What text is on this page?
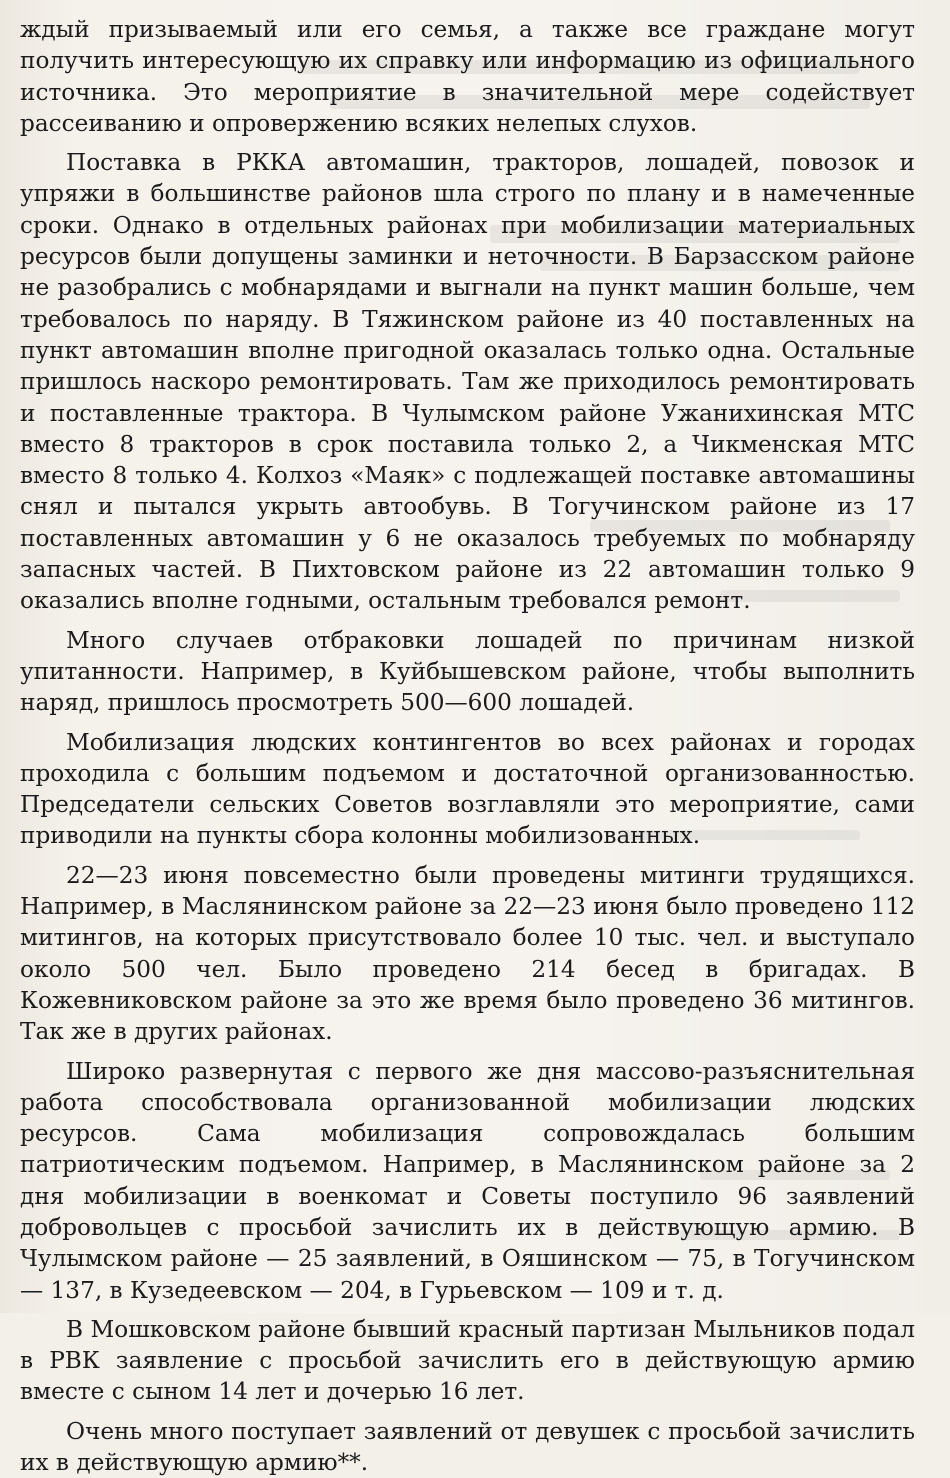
ждый призываемый или его семья, а также все граждане могут получить интересующую их справку или информацию из официального источника. Это мероприятие в значительной мере содействует рассеиванию и опровержению всяких нелепых слухов.

Поставка в РККА автомашин, тракторов, лошадей, повозок и упряжи в большинстве районов шла строго по плану и в намеченные сроки. Однако в отдельных районах при мобилизации материальных ресурсов были допущены заминки и неточности. В Барзасском районе не разобрались с мобнарядами и выгнали на пункт машин больше, чем требовалось по наряду. В Тяжинском районе из 40 поставленных на пункт автомашин вполне пригодной оказалась только одна. Остальные пришлось наскоро ремонтировать. Там же приходилось ремонтировать и поставленные трактора. В Чулымском районе Ужанихинская МТС вместо 8 тракторов в срок поставила только 2, а Чикменская МТС вместо 8 только 4. Колхоз «Маяк» с подлежащей поставке автомашины снял и пытался укрыть автообувь. В Тогучинском районе из 17 поставленных автомашин у 6 не оказалось требуемых по мобнаряду запасных частей. В Пихтовском районе из 22 автомашин только 9 оказались вполне годными, остальным требовался ремонт.

Много случаев отбраковки лошадей по причинам низкой упитанности. Например, в Куйбышевском районе, чтобы выполнить наряд, пришлось просмотреть 500—600 лошадей.

Мобилизация людских контингентов во всех районах и городах проходила с большим подъемом и достаточной организованностью. Председатели сельских Советов возглавляли это мероприятие, сами приводили на пункты сбора колонны мобилизованных.

22—23 июня повсеместно были проведены митинги трудящихся. Например, в Маслянинском районе за 22—23 июня было проведено 112 митингов, на которых присутствовало более 10 тыс. чел. и выступало около 500 чел. Было проведено 214 бесед в бригадах. В Кожевниковском районе за это же время было проведено 36 митингов. Так же в других районах.

Широко развернутая с первого же дня массово-разъяснительная работа способствовала организованной мобилизации людских ресурсов. Сама мобилизация сопровождалась большим патриотическим подъемом. Например, в Маслянинском районе за 2 дня мобилизации в военкомат и Советы поступило 96 заявлений добровольцев с просьбой зачислить их в действующую армию. В Чулымском районе — 25 заявлений, в Ояшинском — 75, в Тогучинском — 137, в Кузедеевском — 204, в Гурьевском — 109 и т. д.

В Мошковском районе бывший красный партизан Мыльников подал в РВК заявление с просьбой зачислить его в действующую армию вместе с сыном 14 лет и дочерью 16 лет.

Очень много поступает заявлений от девушек с просьбой зачислить их в действующую армию**.
